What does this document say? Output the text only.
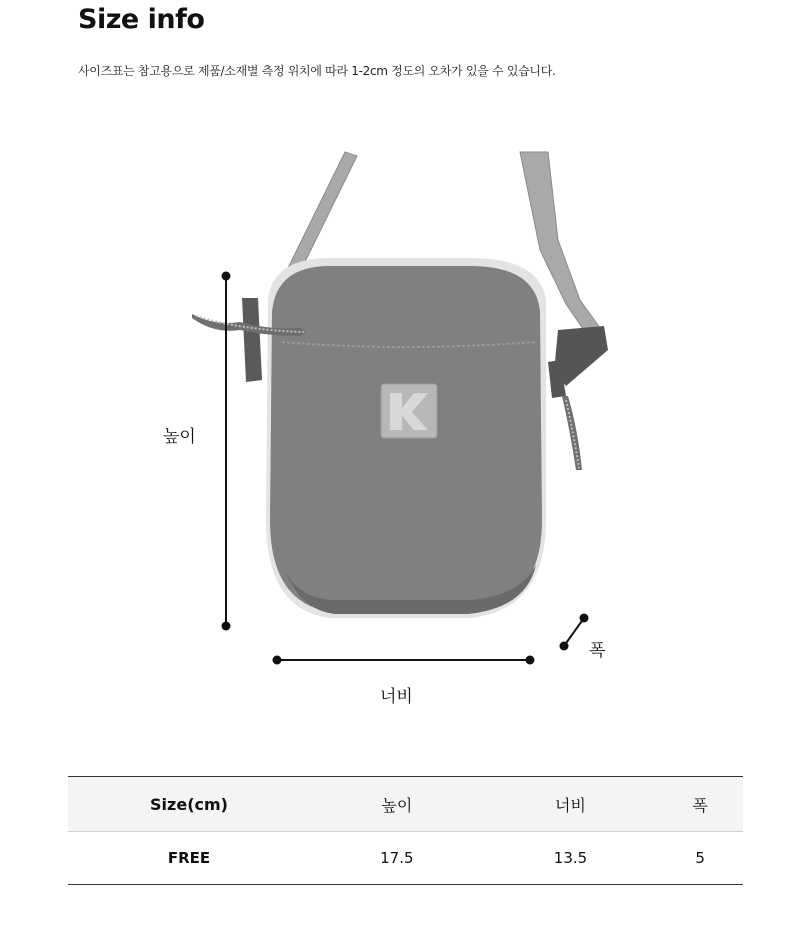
Size info

사이즈표는 참고용으로 제품/소재별 측정 위치에 따라 1-2cm 정도의 오차가 있을 수 있습니다.

높이
너비
폭
Size(cm)	높이	너비	폭
FREE	17.5	13.5	5
